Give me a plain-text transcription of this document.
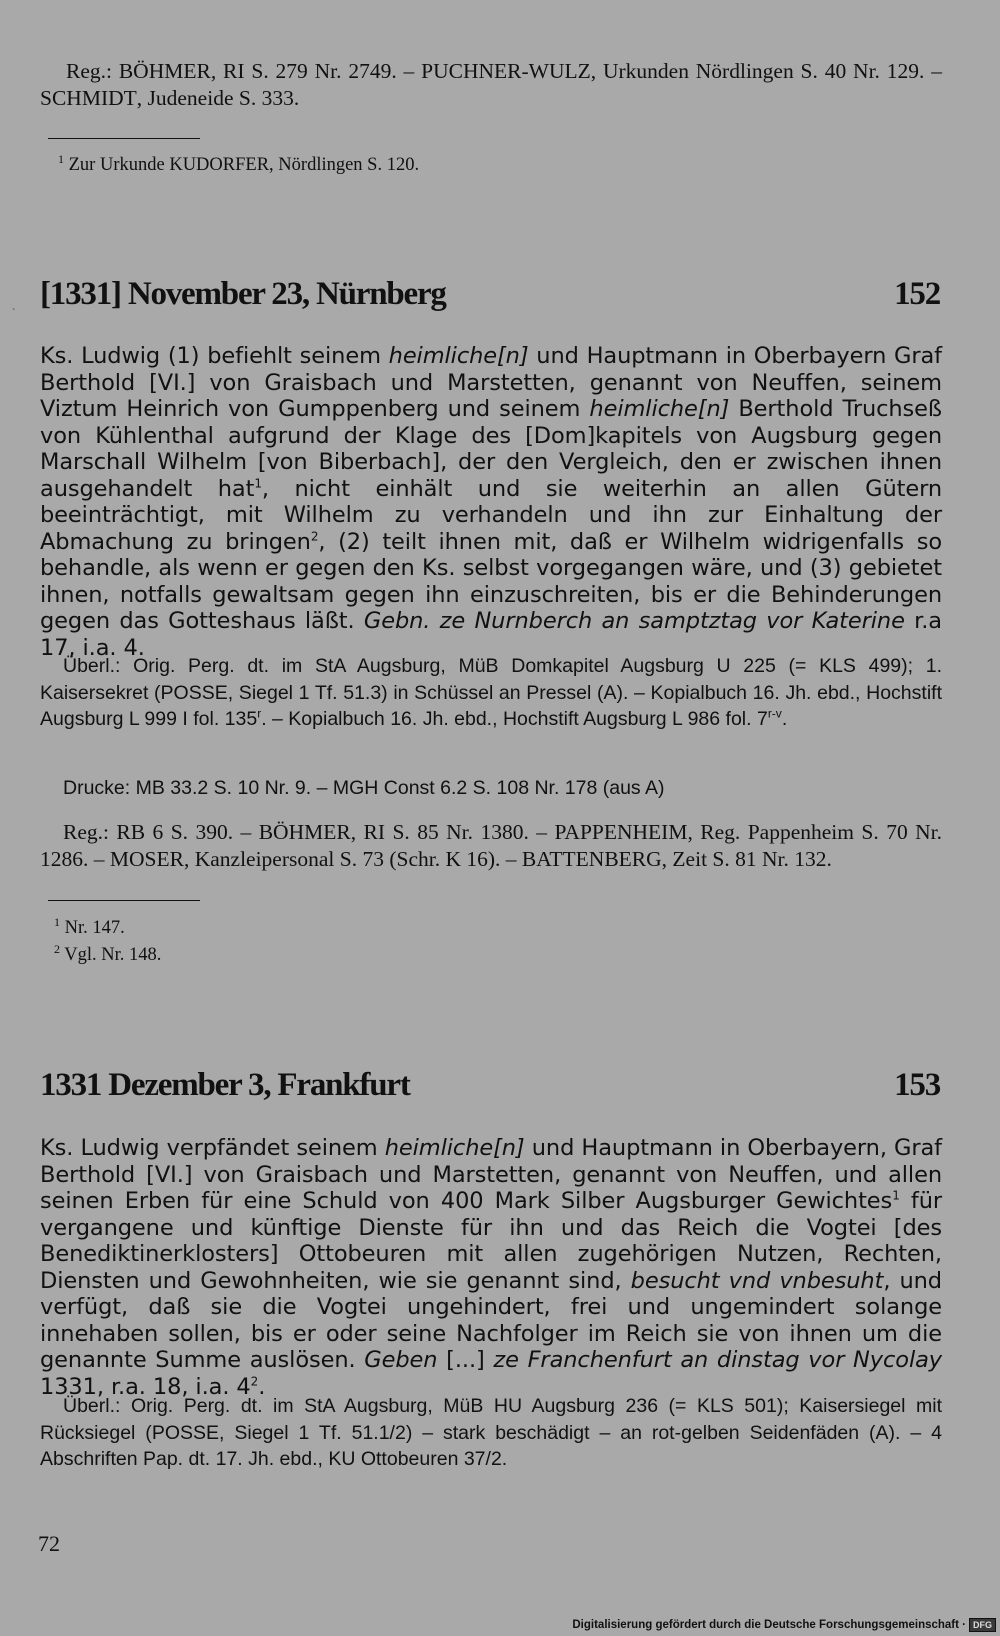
Reg.: BÖHMER, RI S. 279 Nr. 2749. – PUCHNER-WULZ, Urkunden Nördlingen S. 40 Nr. 129. – SCHMIDT, Judeneide S. 333.

$^1$ Zur Urkunde KUDORFER, Nördlingen S. 120.
`
[1331] November 23, Nürnberg	152

Ks. Ludwig (1) befiehlt seinem heimliche[n] und Hauptmann in Oberbayern Graf Berthold [VI.] von Graisbach und Marstetten, genannt von Neuffen, seinem Viztum Heinrich von Gumppenberg und seinem heimliche[n] Berthold Truchseß von Kühlenthal aufgrund der Klage des [Dom]kapitels von Augsburg gegen Marschall Wilhelm [von Biberbach], der den Vergleich, den er zwischen ihnen ausgehandelt hat$^1$, nicht einhält und sie weiterhin an allen Gütern beeinträchtigt, mit Wilhelm zu verhandeln und ihn zur Einhaltung der Abmachung zu bringen$^2$, (2) teilt ihnen mit, daß er Wilhelm widrigenfalls so behandle, als wenn er gegen den Ks. selbst vorgegangen wäre, und (3) gebietet ihnen, notfalls gewaltsam gegen ihn einzuschreiten, bis er die Behinderungen gegen das Gotteshaus läßt. Gebn. ze Nurnberch an samptztag vor Katerine r.a 17, i.a. 4.

Überl.: Orig. Perg. dt. im StA Augsburg, MüB Domkapitel Augsburg U 225 (= KLS 499); 1. Kaisersekret (POSSE, Siegel 1 Tf. 51.3) in Schüssel an Pressel (A). – Kopialbuch 16. Jh. ebd., Hochstift Augsburg L 999 I fol. 135$^r$. – Kopialbuch 16. Jh. ebd., Hochstift Augsburg L 986 fol. 7$^{r-v}$.

Drucke: MB 33.2 S. 10 Nr. 9. – MGH Const 6.2 S. 108 Nr. 178 (aus A)

Reg.: RB 6 S. 390. – BÖHMER, RI S. 85 Nr. 1380. – PAPPENHEIM, Reg. Pappenheim S. 70 Nr. 1286. – MOSER, Kanzleipersonal S. 73 (Schr. K 16). – BATTENBERG, Zeit S. 81 Nr. 132.

$^1$ Nr. 147.
$^2$ Vgl. Nr. 148.
1331 Dezember 3, Frankfurt	153

Ks. Ludwig verpfändet seinem heimliche[n] und Hauptmann in Oberbayern, Graf Berthold [VI.] von Graisbach und Marstetten, genannt von Neuffen, und allen seinen Erben für eine Schuld von 400 Mark Silber Augsburger Gewichtes$^1$ für vergangene und künftige Dienste für ihn und das Reich die Vogtei [des Benediktinerklosters] Ottobeuren mit allen zugehörigen Nutzen, Rechten, Diensten und Gewohnheiten, wie sie genannt sind, besucht vnd vnbesuht, und verfügt, daß sie die Vogtei ungehindert, frei und ungemindert solange innehaben sollen, bis er oder seine Nachfolger im Reich sie von ihnen um die genannte Summe auslösen. Geben [...] ze Franchenfurt an dinstag vor Nycolay 1331, r.a. 18, i.a. $4^2$.

Überl.: Orig. Perg. dt. im StA Augsburg, MüB HU Augsburg 236 (= KLS 501); Kaisersiegel mit Rücksiegel (POSSE, Siegel 1 Tf. 51.1/2) – stark beschädigt – an rot-gelben Seidenfäden (A). – 4 Abschriften Pap. dt. 17. Jh. ebd., KU Ottobeuren 37/2.

72
Digitalisierung gefördert durch die Deutsche Forschungsgemeinschaft · DFG
